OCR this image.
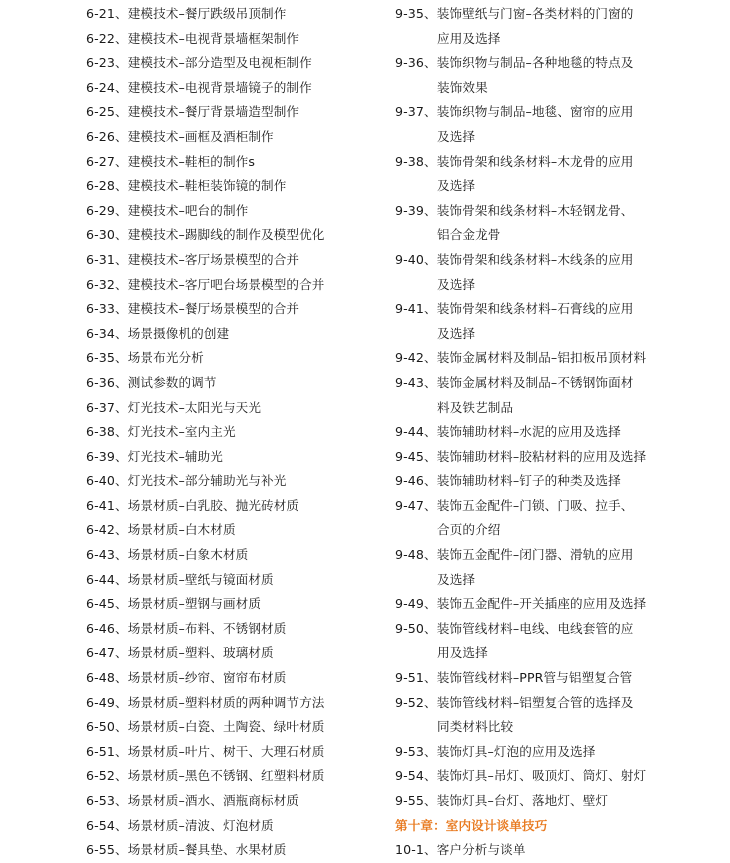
6-21 、 建模技术–餐厅跌级吊顶制作
6-22 、 建模技术–电视背景墙框架制作
6-23 、 建模技术–部分造型及电视柜制作
6-24 、 建模技术–电视背景墙镜子的制作
6-25 、 建模技术–餐厅背景墙造型制作
6-26 、 建模技术–画框及酒柜制作
6-27 、 建模技术–鞋柜的制作s
6-28 、 建模技术–鞋柜装饰镜的制作
6-29 、 建模技术–吧台的制作
6-30 、 建模技术–踢脚线的制作及模型优化
6-31 、 建模技术–客厅场景模型的合并
6-32 、 建模技术–客厅吧台场景模型的合并
6-33 、 建模技术–餐厅场景模型的合并
6-34 、 场景摄像机的创建
6-35 、 场景布光分析
6-36 、 测试参数的调节
6-37 、 灯光技术–太阳光与天光
6-38 、 灯光技术–室内主光
6-39 、 灯光技术–辅助光
6-40 、 灯光技术–部分辅助光与补光
6-41 、 场景材质–白乳胶、抛光砖材质
6-42 、 场景材质–白木材质
6-43 、 场景材质–白象木材质
6-44 、 场景材质–壁纸与镜面材质
6-45 、 场景材质–塑钢与画材质
6-46 、 场景材质–布料、不锈钢材质
6-47 、 场景材质–塑料、玻璃材质
6-48 、 场景材质–纱帘、窗帘布材质
6-49 、 场景材质–塑料材质的两种调节方法
6-50 、 场景材质–白瓷、土陶瓷、绿叶材质
6-51 、 场景材质–叶片、树干、大理石材质
6-52 、 场景材质–黑色不锈钢、红塑料材质
6-53 、 场景材质–酒水、酒瓶商标材质
6-54 、 场景材质–清波、灯泡材质
6-55 、 场景材质–餐具垫、水果材质
9-35 、 装饰壁纸与门窗–各类材料的门窗的
应用及选择
9-36 、 装饰织物与制品–各种地毯的特点及
装饰效果
9-37 、 装饰织物与制品–地毯、窗帘的应用
及选择
9-38 、 装饰骨架和线条材料–木龙骨的应用
及选择
9-39 、 装饰骨架和线条材料–木轻钢龙骨、
铝合金龙骨
9-40 、 装饰骨架和线条材料–木线条的应用
及选择
9-41 、 装饰骨架和线条材料–石膏线的应用
及选择
9-42 、 装饰金属材料及制品–铝扣板吊顶材料
9-43 、 装饰金属材料及制品–不锈钢饰面材
料及铁艺制品
9-44 、 装饰辅助材料–水泥的应用及选择
9-45 、 装饰辅助材料–胶粘材料的应用及选择
9-46 、 装饰辅助材料–钉子的种类及选择
9-47 、 装饰五金配件–门锁、门吸、拉手、
合页的介绍
9-48 、 装饰五金配件–闭门器、滑轨的应用
及选择
9-49 、 装饰五金配件–开关插座的应用及选择
9-50 、 装饰管线材料–电线、电线套管的应
用及选择
9-51 、 装饰管线材料–PPR管与铝塑复合管
9-52 、 装饰管线材料–铝塑复合管的选择及
同类材料比较
9-53 、 装饰灯具–灯泡的应用及选择
9-54 、 装饰灯具–吊灯、吸顶灯、筒灯、射灯
9-55 、 装饰灯具–台灯、落地灯、壁灯
第十章：室内设计谈单技巧
10-1 、 客户分析与谈单
